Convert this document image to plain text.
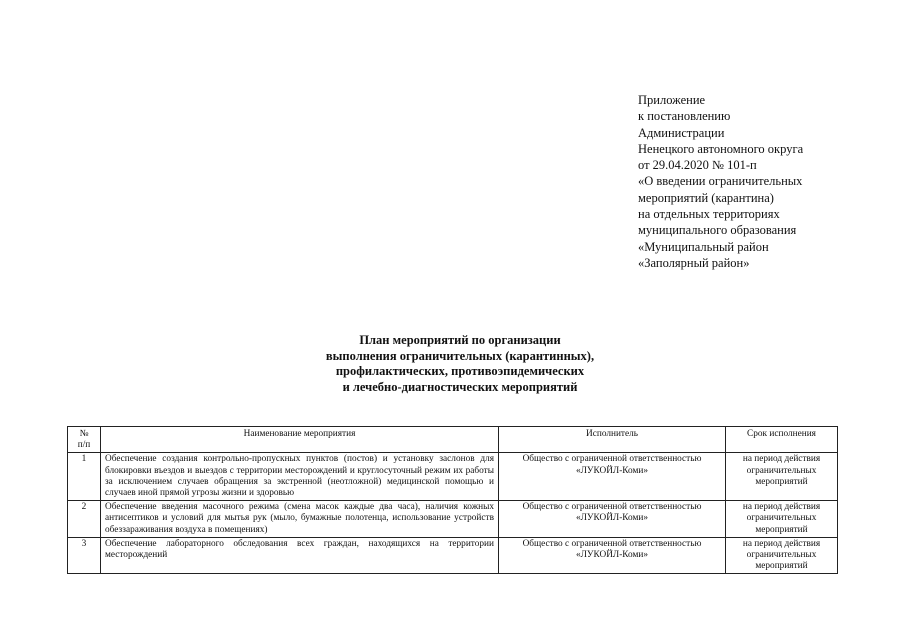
Приложение
к постановлению
Администрации
Ненецкого автономного округа
от 29.04.2020 № 101-п
«О введении ограничительных
мероприятий (карантина)
на отдельных территориях
муниципального образования
«Муниципальный район
«Заполярный район»
План мероприятий по организации
выполнения ограничительных (карантинных),
профилактических, противоэпидемических
и лечебно-диагностических мероприятий
№
п/п	Наименование мероприятия	Исполнитель	Срок исполнения
1	Обеспечение создания контрольно-пропускных пунктов (постов) и установку заслонов для блокировки въездов и выездов с территории месторождений и круглосуточный режим их работы за исключением случаев обращения за экстренной (неотложной) медицинской помощью и случаев иной прямой угрозы жизни и здоровью	Общество с ограниченной ответственностью «ЛУКОЙЛ-Коми»	на период действия ограничительных мероприятий
2	Обеспечение введения масочного режима (смена масок каждые два часа), наличия кожных антисептиков и условий для мытья рук (мыло, бумажные полотенца, использование устройств обеззараживания воздуха в помещениях)	Общество с ограниченной ответственностью «ЛУКОЙЛ-Коми»	на период действия ограничительных мероприятий
3	Обеспечение лабораторного обследования всех граждан, находящихся на территории месторождений	Общество с ограниченной ответственностью «ЛУКОЙЛ-Коми»	на период действия ограничительных мероприятий
